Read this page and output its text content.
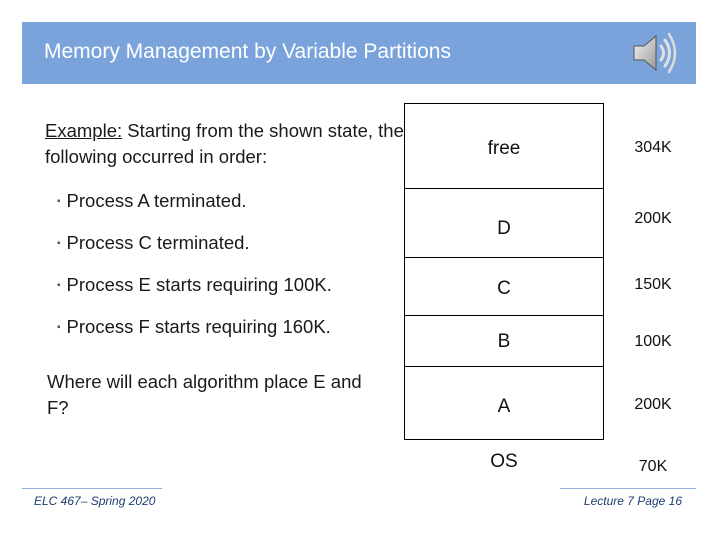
Memory Management by Variable Partitions
Example: Starting from the shown state, the following occurred in order:
▪ Process A terminated.
▪ Process C terminated.
▪ Process E starts requiring 100K.
▪ Process F starts requiring 160K.
Where will each algorithm place E and F?
free
D
C
B
A
OS
304K
200K
150K
100K
200K
70K
ELC 467– Spring 2020	Lecture 7 Page 16
